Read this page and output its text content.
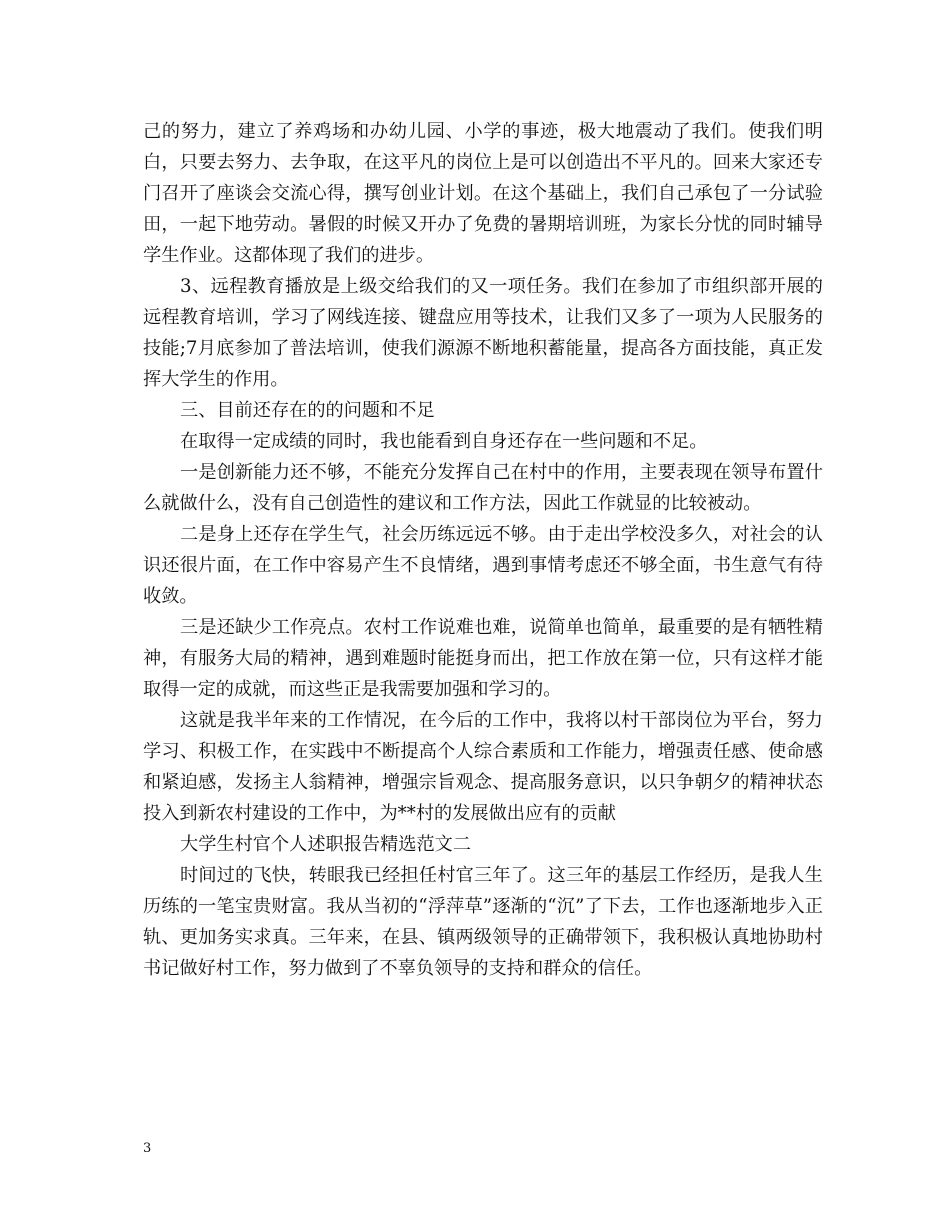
己的努力，建立了养鸡场和办幼儿园、小学的事迹，极大地震动了我们。使我们明白，只要去努力、去争取，在这平凡的岗位上是可以创造出不平凡的。回来大家还专门召开了座谈会交流心得，撰写创业计划。在这个基础上，我们自己承包了一分试验田，一起下地劳动。暑假的时候又开办了免费的暑期培训班，为家长分忧的同时辅导学生作业。这都体现了我们的进步。

3、远程教育播放是上级交给我们的又一项任务。我们在参加了市组织部开展的远程教育培训，学习了网线连接、键盘应用等技术，让我们又多了一项为人民服务的技能;7月底参加了普法培训，使我们源源不断地积蓄能量，提高各方面技能，真正发挥大学生的作用。

三、目前还存在的的问题和不足

在取得一定成绩的同时，我也能看到自身还存在一些问题和不足。

一是创新能力还不够，不能充分发挥自己在村中的作用，主要表现在领导布置什么就做什么，没有自己创造性的建议和工作方法，因此工作就显的比较被动。

二是身上还存在学生气，社会历练远远不够。由于走出学校没多久，对社会的认识还很片面，在工作中容易产生不良情绪，遇到事情考虑还不够全面，书生意气有待收敛。

三是还缺少工作亮点。农村工作说难也难，说简单也简单，最重要的是有牺牲精神，有服务大局的精神，遇到难题时能挺身而出，把工作放在第一位，只有这样才能取得一定的成就，而这些正是我需要加强和学习的。

这就是我半年来的工作情况，在今后的工作中，我将以村干部岗位为平台，努力学习、积极工作，在实践中不断提高个人综合素质和工作能力，增强责任感、使命感和紧迫感，发扬主人翁精神，增强宗旨观念、提高服务意识，以只争朝夕的精神状态投入到新农村建设的工作中，为**村的发展做出应有的贡献

大学生村官个人述职报告精选范文二

时间过的飞快，转眼我已经担任村官三年了。这三年的基层工作经历，是我人生历练的一笔宝贵财富。我从当初的“浮萍草”逐渐的“沉”了下去，工作也逐渐地步入正轨、更加务实求真。三年来，在县、镇两级领导的正确带领下，我积极认真地协助村书记做好村工作，努力做到了不辜负领导的支持和群众的信任。

3
